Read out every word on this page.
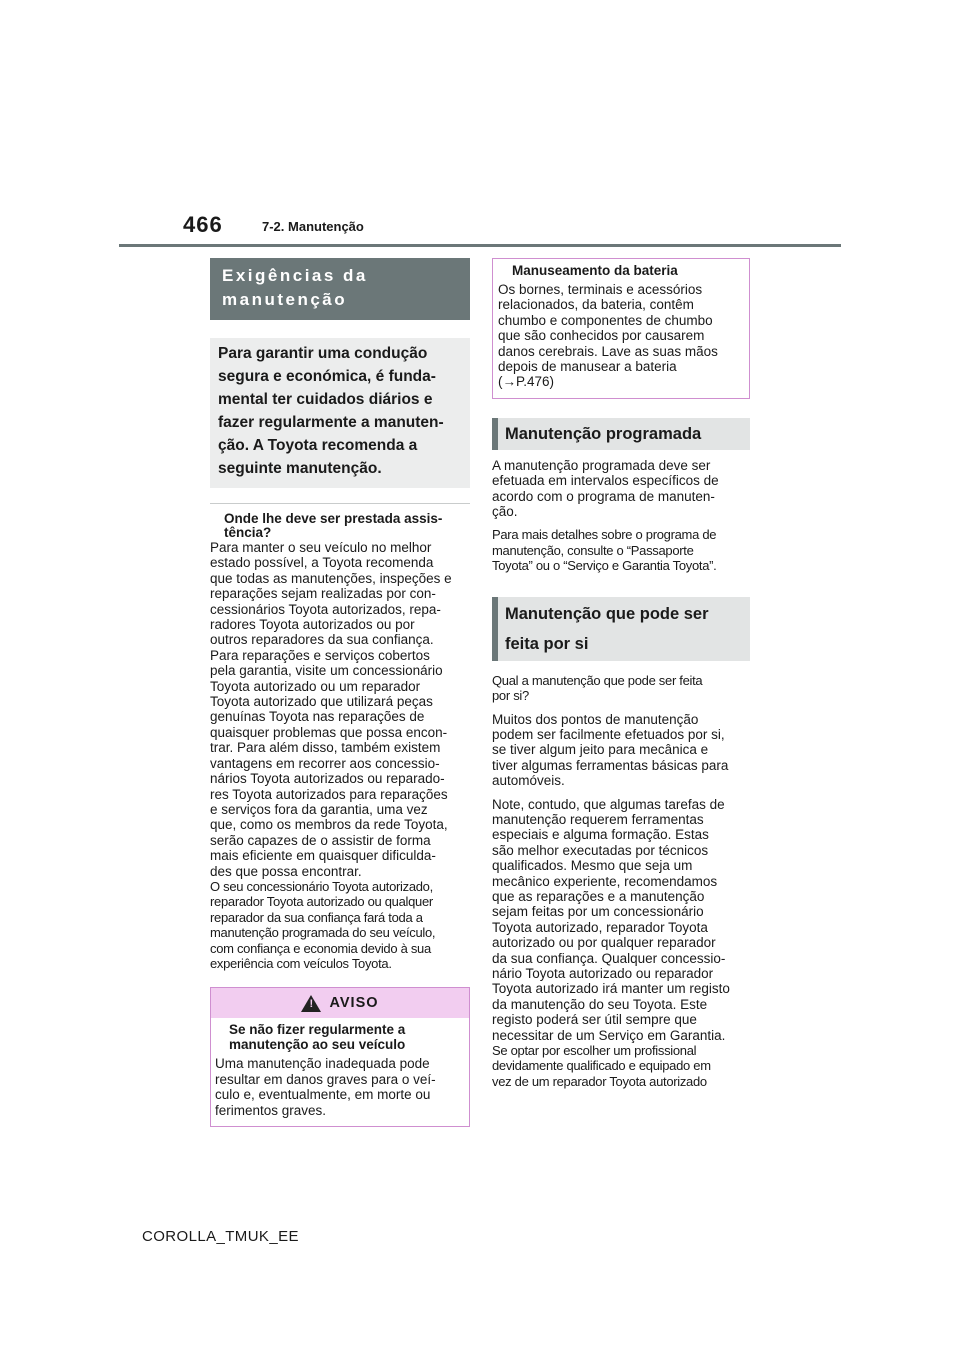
466	7-2. Manutenção
Exigências da
manutenção
Para garantir uma condução
segura e económica, é funda-
mental ter cuidados diários e
fazer regularmente a manuten-
ção. A Toyota recomenda a
seguinte manutenção.
Onde lhe deve ser prestada assis-
tência?
Para manter o seu veículo no melhor
estado possível, a Toyota recomenda
que todas as manutenções, inspeções e
reparações sejam realizadas por con-
cessionários Toyota autorizados, repa-
radores Toyota autorizados ou por
outros reparadores da sua confiança.
Para reparações e serviços cobertos
pela garantia, visite um concessionário
Toyota autorizado ou um reparador
Toyota autorizado que utilizará peças
genuínas Toyota nas reparações de
quaisquer problemas que possa encon-
trar. Para além disso, também existem
vantagens em recorrer aos concessio-
nários Toyota autorizados ou reparado-
res Toyota autorizados para reparações
e serviços fora da garantia, uma vez
que, como os membros da rede Toyota,
serão capazes de o assistir de forma
mais eficiente em quaisquer dificulda-
des que possa encontrar.
O seu concessionário Toyota autorizado,
reparador Toyota autorizado ou qualquer
reparador da sua confiança fará toda a
manutenção programada do seu veículo,
com confiança e economia devido à sua
experiência com veículos Toyota.
! AVISO
Se não fizer regularmente a
manutenção ao seu veículo
Uma manutenção inadequada pode
resultar em danos graves para o veí-
culo e, eventualmente, em morte ou
ferimentos graves.
Manuseamento da bateria
Os bornes, terminais e acessórios
relacionados, da bateria, contêm
chumbo e componentes de chumbo
que são conhecidos por causarem
danos cerebrais. Lave as suas mãos
depois de manusear a bateria
(→P.476)
Manutenção programada
A manutenção programada deve ser
efetuada em intervalos específicos de
acordo com o programa de manuten-
ção.
Para mais detalhes sobre o programa de
manutenção, consulte o “Passaporte
Toyota” ou o “Serviço e Garantia Toyota”.
Manutenção que pode ser
feita por si
Qual a manutenção que pode ser feita
por si?
Muitos dos pontos de manutenção
podem ser facilmente efetuados por si,
se tiver algum jeito para mecânica e
tiver algumas ferramentas básicas para
automóveis.
Note, contudo, que algumas tarefas de
manutenção requerem ferramentas
especiais e alguma formação. Estas
são melhor executadas por técnicos
qualificados. Mesmo que seja um
mecânico experiente, recomendamos
que as reparações e a manutenção
sejam feitas por um concessionário
Toyota autorizado, reparador Toyota
autorizado ou por qualquer reparador
da sua confiança. Qualquer concessio-
nário Toyota autorizado ou reparador
Toyota autorizado irá manter um registo
da manutenção do seu Toyota. Este
registo poderá ser útil sempre que
necessitar de um Serviço em Garantia.
Se optar por escolher um profissional
devidamente qualificado e equipado em
vez de um reparador Toyota autorizado
COROLLA_TMUK_EE
